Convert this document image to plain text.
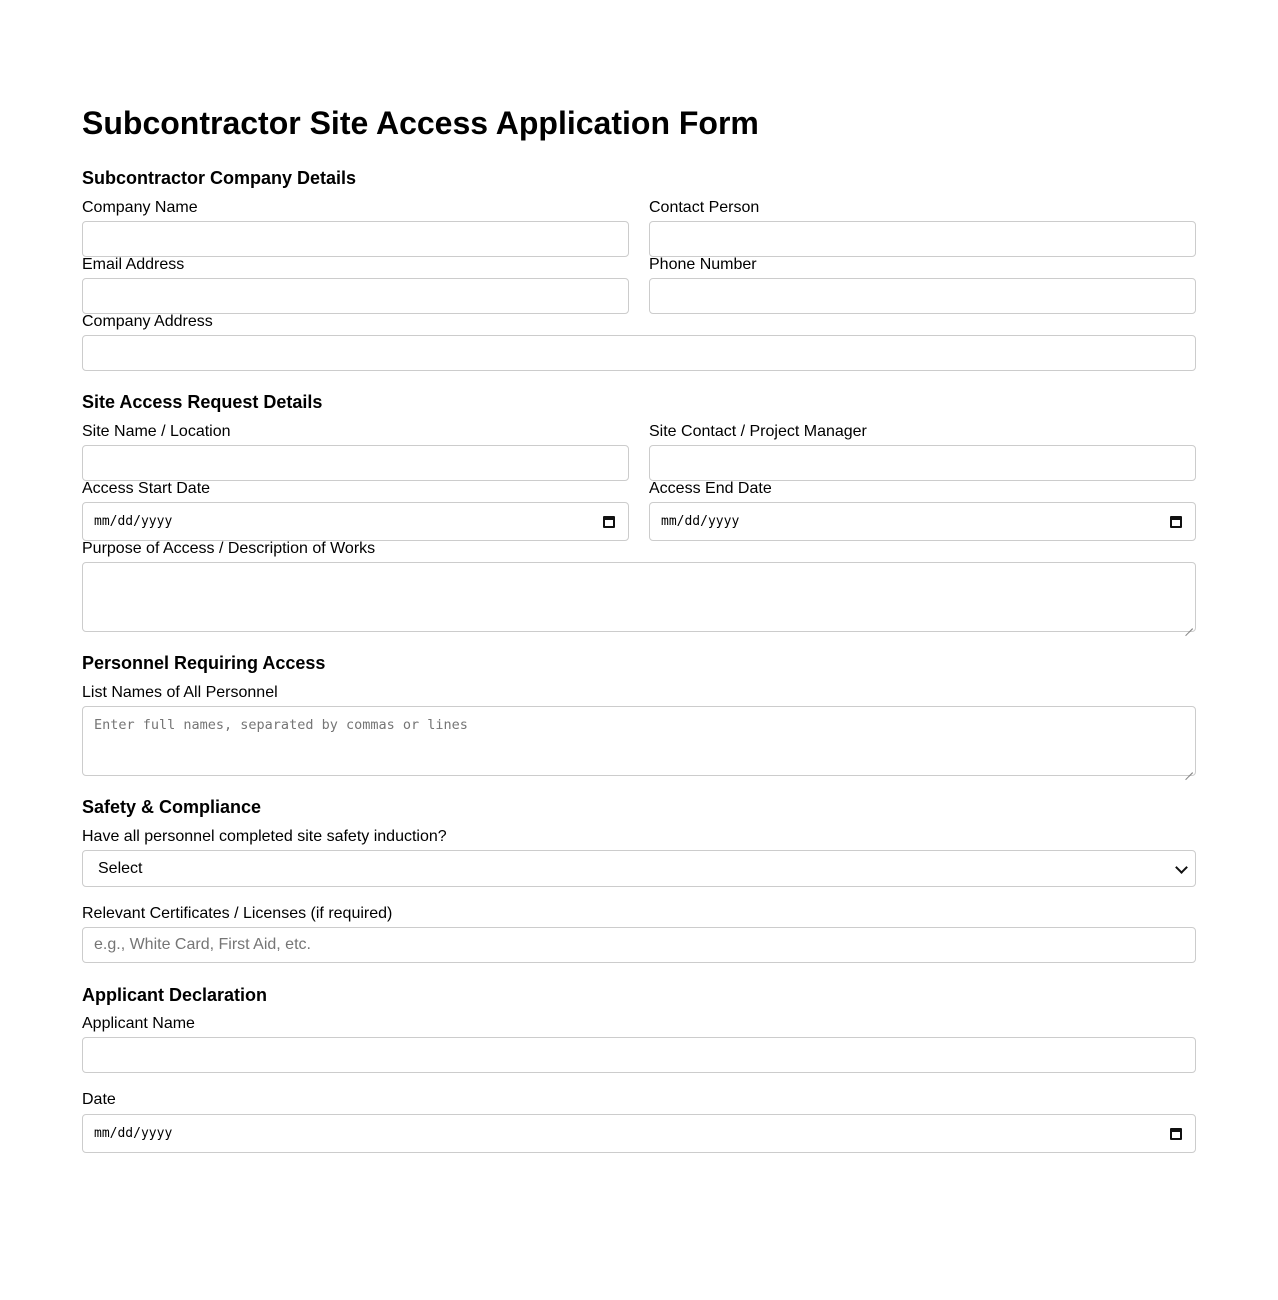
Subcontractor Site Access Application Form
Subcontractor Company Details
Company Name	Contact Person
Email Address	Phone Number
Company Address
Site Access Request Details
Site Name / Location	Site Contact / Project Manager
Access Start Date	Access End Date
mm/dd/yyyy	mm/dd/yyyy
Purpose of Access / Description of Works
Personnel Requiring Access
List Names of All Personnel
Enter full names, separated by commas or lines
Safety & Compliance
Have all personnel completed site safety induction?
Select
Relevant Certificates / Licenses (if required)
e.g., White Card, First Aid, etc.
Applicant Declaration
Applicant Name
Date
mm/dd/yyyy
